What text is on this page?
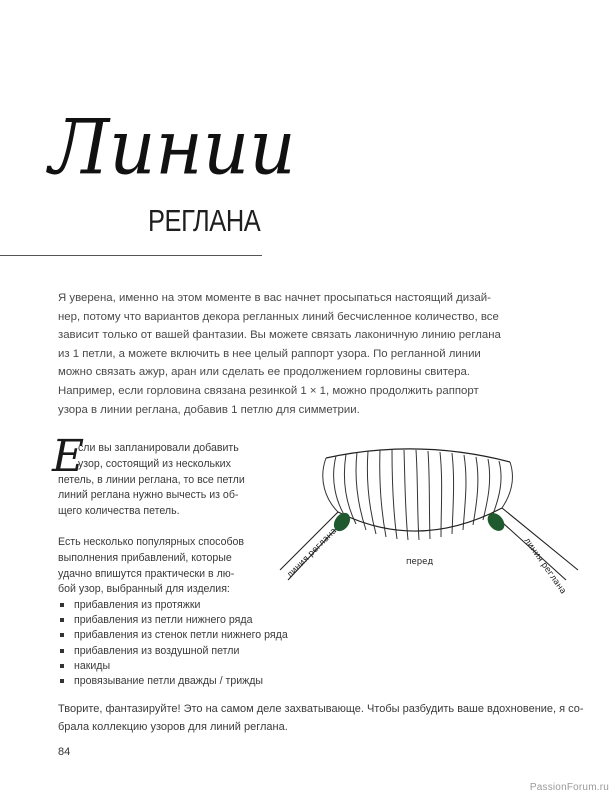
Линии
РЕГЛАНА
Я уверена, именно на этом моменте в вас начнет просыпаться настоящий дизай-
нер, потому что вариантов декора регланных линий бесчисленное количество, все
зависит только от вашей фантазии. Вы можете связать лаконичную линию реглана
из 1 петли, а можете включить в нее целый раппорт узора. По регланной линии
можно связать ажур, аран или сделать ее продолжением горловины свитера.
Например, если горловина связана резинкой 1 × 1, можно продолжить раппорт
узора в линии реглана, добавив 1 петлю для симметрии.
Е
сли вы запланировали добавить
узор, состоящий из нескольких
петель, в линии реглана, то все петли
линий реглана нужно вычесть из об-
щего количества петель.
Есть несколько популярных способов
выполнения прибавлений, которые
удачно впишутся практически в лю-
бой узор, выбранный для изделия:
прибавления из протяжки
прибавления из петли нижнего ряда
прибавления из стенок петли нижнего ряда
прибавления из воздушной петли
накиды
провязывание петли дважды / трижды
линия реглана	линия реглана
перед
Творите, фантазируйте! Это на самом деле захватывающе. Чтобы разбудить ваше вдохновение, я со-
брала коллекцию узоров для линий реглана.
84
PassionForum.ru
